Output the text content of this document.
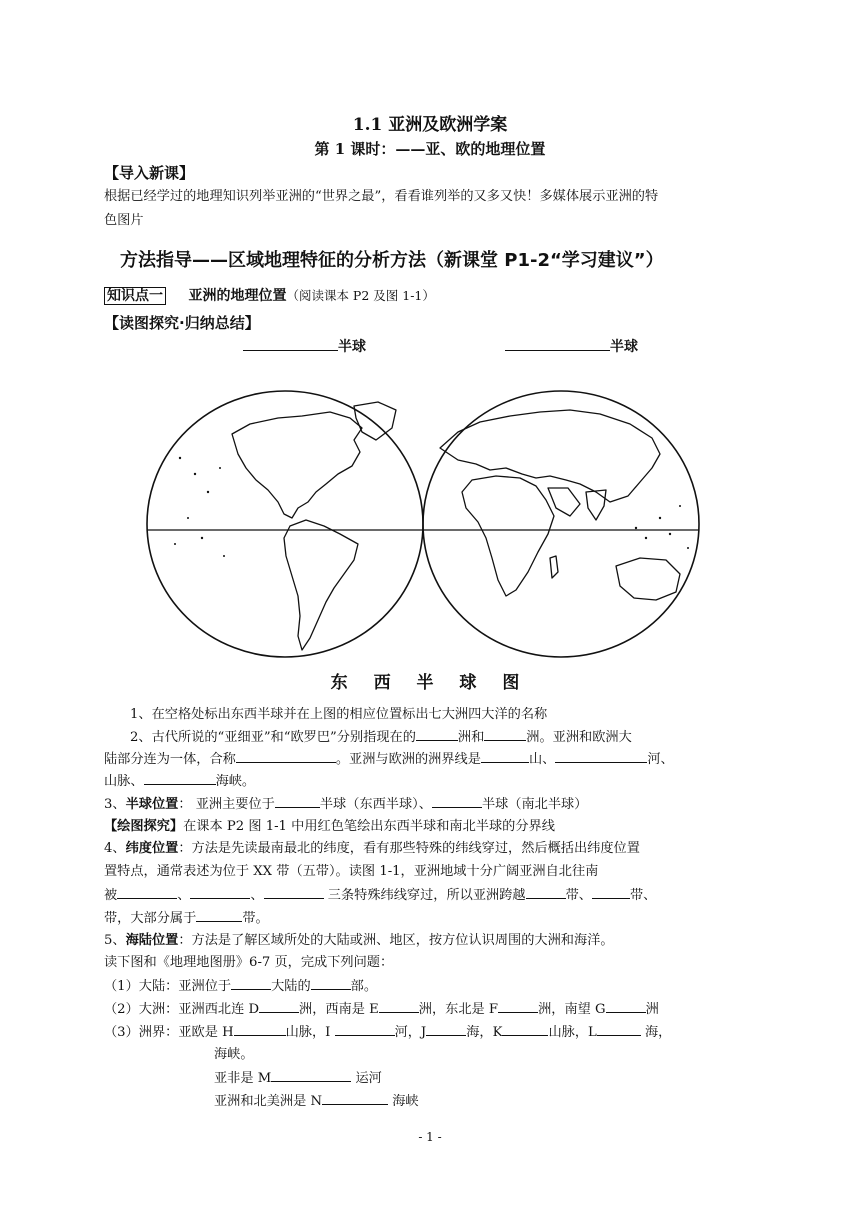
1.1 亚洲及欧洲学案
第 1 课时：——亚、欧的地理位置
【导入新课】
根据已经学过的地理知识列举亚洲的“世界之最”，看看谁列举的又多又快！多媒体展示亚洲的特
色图片
方法指导——区域地理特征的分析方法（新课堂 P1-2“学习建议”）
知识点一 亚洲的地理位置（阅读课本 P2 及图 1-1）
【读图探究·归纳总结】
半球	半球
东 西 半 球 图
1、在空格处标出东西半球并在上图的相应位置标出七大洲四大洋的名称
2、古代所说的“亚细亚”和“欧罗巴”分别指现在的	洲和	洲。亚洲和欧洲大
陆部分连为一体，合称	。亚洲与欧洲的洲界线是	山、	河、
山脉、	海峡。
3、半球位置： 亚洲主要位于	半球（东西半球）、	半球（南北半球）
【绘图探究】在课本 P2 图 1-1 中用红色笔绘出东西半球和南北半球的分界线
4、纬度位置：方法是先读最南最北的纬度，看有那些特殊的纬线穿过，然后概括出纬度位置
置特点，通常表述为位于 XX 带（五带）。读图 1-1，亚洲地域十分广阔亚洲自北往南
被	、	、	三条特殊纬线穿过，所以亚洲跨越	带、	带、
带，大部分属于	带。
5、海陆位置：方法是了解区域所处的大陆或洲、地区，按方位认识周围的大洲和海洋。
读下图和《地理地图册》6-7 页，完成下列问题：
（1）大陆：亚洲位于	大陆的	部。
（2）大洲：亚洲西北连 D	洲，西南是 E	洲，东北是 F	洲，南望 G	洲
（3）洲界：亚欧是 H	山脉，I	河，J	海，K	山脉，L	海，
海峡。
亚非是 M	运河
亚洲和北美洲是 N	海峡
- 1 -
